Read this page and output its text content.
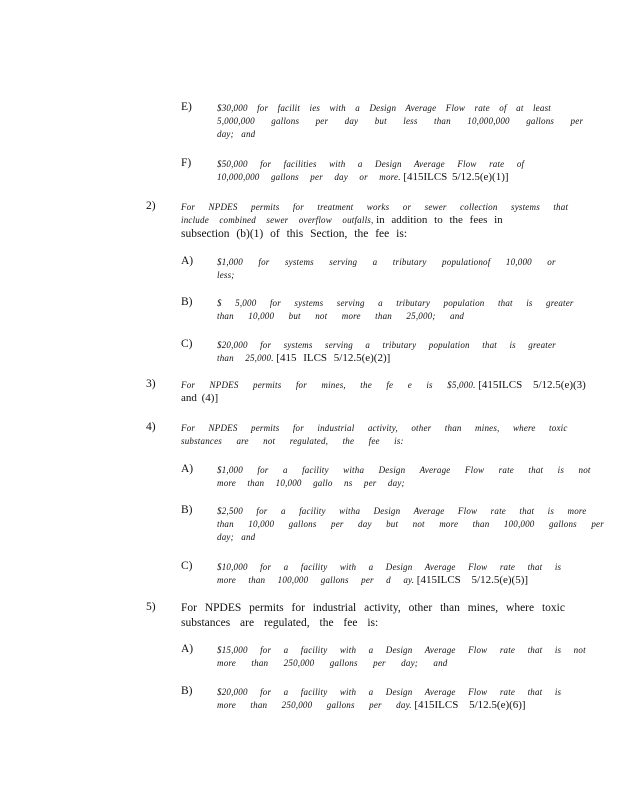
E)	$30,000 for facilit ies with a Design Average Flow rate of at least
5,000,000 gallons per day but less than 10,000,000 gallons per
day; and
F)	$50,000 for facilities with a Design Average Flow rate of
10,000,000 gallons per day or more. [415ILCS 5/12.5(e)(1)]
2)	For NPDES permits for treatment works or sewer collection systems that
include combined sewer overflow outfalls, in addition to the fees in
subsection (b)(1) of this Section, the fee is:
A)	$1,000 for systems serving a tributary populationof 10,000 or
less;
B)	$ 5,000 for systems serving a tributary population that is greater
than 10,000 but not more than 25,000; and
C)	$20,000 for systems serving a tributary population that is greater
than 25,000. [415 ILCS 5/12.5(e)(2)]
3)	For NPDES permits for mines, the fe e is $5,000. [415ILCS 5/12.5(e)(3)
and (4)]
4)	For NPDES permits for industrial activity, other than mines, where toxic
substances are not regulated, the fee is:
A)	$1,000 for a facility witha Design Average Flow rate that is not
more than 10,000 gallo ns per day;
B)	$2,500 for a facility witha Design Average Flow rate that is more
than 10,000 gallons per day but not more than 100,000 gallons per
day; and
C)	$10,000 for a facility with a Design Average Flow rate that is
more than 100,000 gallons per d ay. [415ILCS 5/12.5(e)(5)]
5) For NPDES permits for industrial activity, other than mines, where toxic
substances are regulated, the fee is:
A)	$15,000 for a facility with a Design Average Flow rate that is not
more than 250,000 gallons per day; and
B)	$20,000 for a facility with a Design Average Flow rate that is
more than 250,000 gallons per day. [415ILCS 5/12.5(e)(6)]
